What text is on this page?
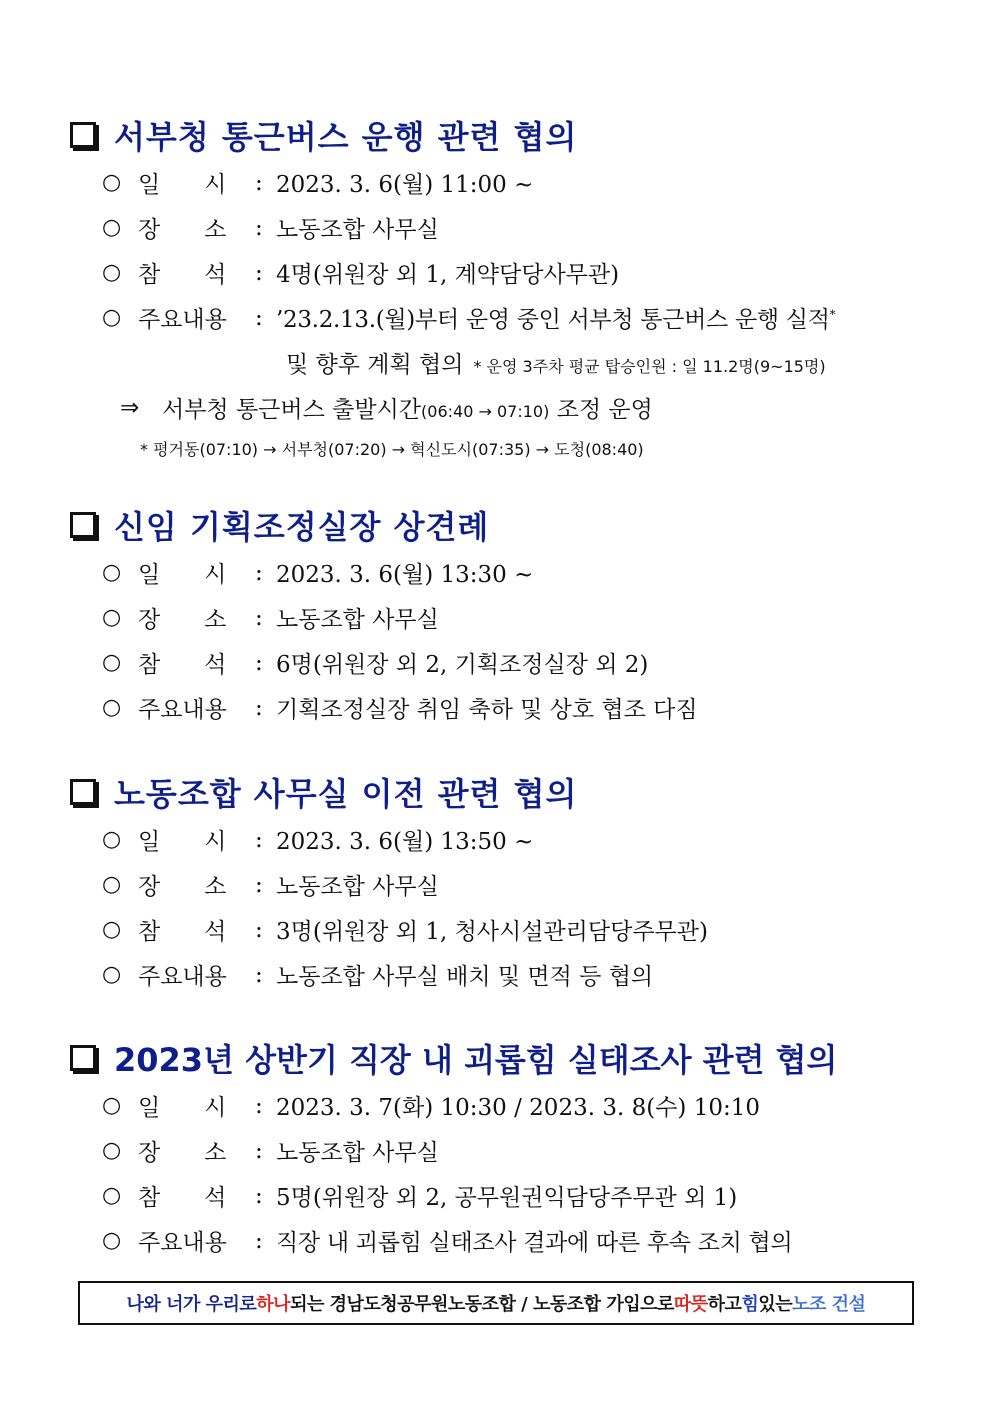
서부청 통근버스 운행 관련 협의
○ 일      시 : 2023. 3. 6(월) 11:00 ~
○ 장      소 : 노동조합 사무실
○ 참      석 : 4명(위원장 외 1, 계약담당사무관)
○ 주요내용 : ’23.2.13.(월)부터 운영 중인 서부청 통근버스 운행 실적*
및 향후 계획 협의 * 운영 3주차 평균 탑승인원 : 일 11.2명(9~15명)
⇒ 서부청 통근버스 출발시간(06:40 → 07:10) 조정 운영
* 평거동(07:10) → 서부청(07:20) → 혁신도시(07:35) → 도청(08:40)
신임 기획조정실장 상견례
○ 일      시 : 2023. 3. 6(월) 13:30 ~
○ 장      소 : 노동조합 사무실
○ 참      석 : 6명(위원장 외 2, 기획조정실장 외 2)
○ 주요내용 : 기획조정실장 취임 축하 및 상호 협조 다짐
노동조합 사무실 이전 관련 협의
○ 일      시 : 2023. 3. 6(월) 13:50 ~
○ 장      소 : 노동조합 사무실
○ 참      석 : 3명(위원장 외 1, 청사시설관리담당주무관)
○ 주요내용 : 노동조합 사무실 배치 및 면적 등 협의
2023년 상반기 직장 내 괴롭힘 실태조사 관련 협의
○ 일      시 : 2023. 3. 7(화) 10:30 / 2023. 3. 8(수) 10:10
○ 장      소 : 노동조합 사무실
○ 참      석 : 5명(위원장 외 2, 공무원권익담당주무관 외 1)
○ 주요내용 : 직장 내 괴롭힘 실태조사 결과에 따른 후속 조치 협의
나와 너가 우리로 하나 되는 경남도청공무원노동조합 / 노동조합 가입으로 따뜻 하고 힘 있는 노조 건설
